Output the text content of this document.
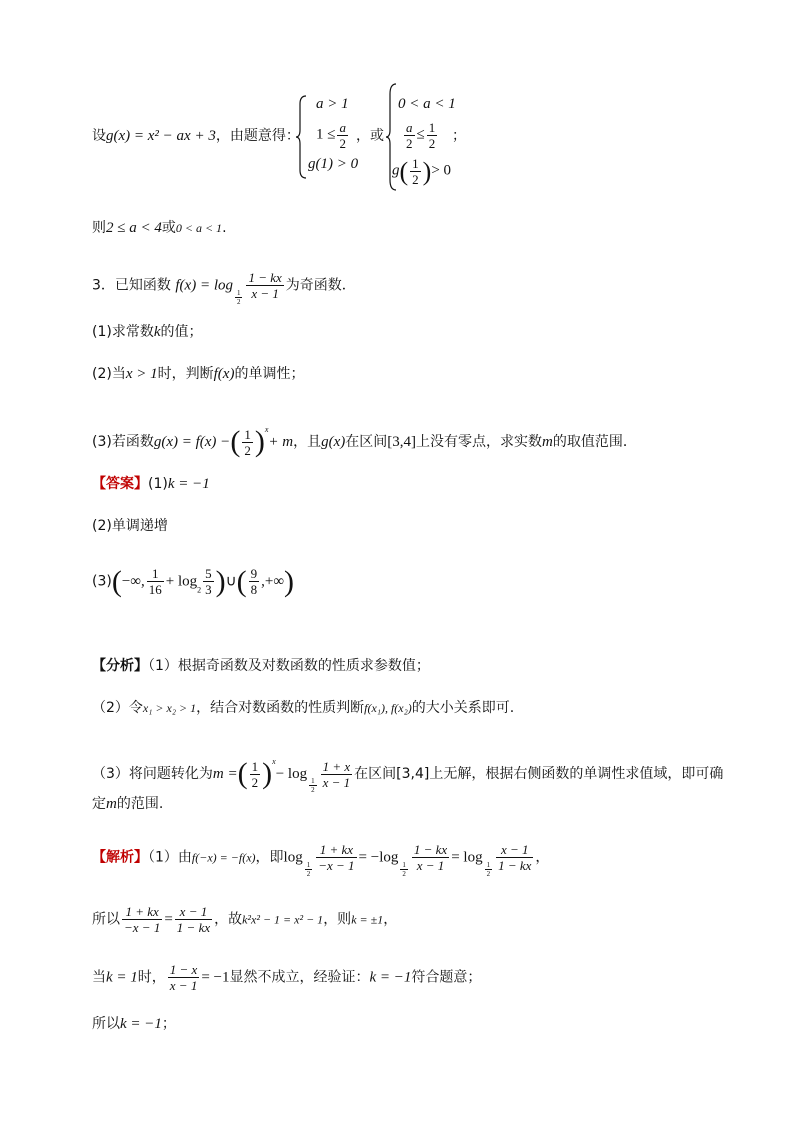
设g(x) = x² − ax + 3，由题意得：
a > 1
$1 \le \frac{a}{2}$
g(1) > 0
，或
0 < a < 1
$\frac{a}{2} \le \frac{1}{2}$
$g( \frac{1}{2}$ )> 0
；
则2 ≤ a < 4或0 < a < 1.
3．已知函数 f(x) = log
$\frac{1}{2} \frac{1 - kx}{x - 1}$ 为奇函数．
(1)求常数k的值；
(2)当x > 1时，判断f(x)的单调性；
(3)若函数g(x) = f(x) −( $\frac{1}{2} )^x+ m$，且g(x)在区间[3,4]上没有零点，求实数m的取值范围．
【答案】(1)k = −1
(2)单调递增
(3)(−∞, $\frac{1}{16} + \log_2 \frac{5}{3}$ )∪( $\frac{9}{8}$ ,+∞)
【分析】（1）根据奇函数及对数函数的性质求参数值；
（2）令x₁ > x₂ > 1，结合对数函数的性质判断f(x₁), f(x₂)的大小关系即可.
（3）将问题转化为m =( $\frac{1}{2} )^x- \log$
$\frac{1}{2} \frac{1 + x}{x - 1}$ 在区间[3,4]上无解，根据右侧函数的单调性求值域，即可确
定m的范围.
【解析】（1）由f(−x) = −f(x)，即log
$\frac{1}{2} \frac{1 + kx}{-x - 1} = -\log$
$\frac{1}{2} \frac{1 - kx}{x - 1} = \log$
$\frac{1}{2} \frac{x - 1}{1 - kx}$ ，
所以 $\frac{1 + kx}{-x - 1} = \frac{x - 1}{1 - kx}$ ，故k²x² − 1 = x² − 1，则k = ±1，
当k = 1时， $\frac{1 - x}{x - 1} = -1$显然不成立，经验证：k = −1符合题意；
所以k = −1；
